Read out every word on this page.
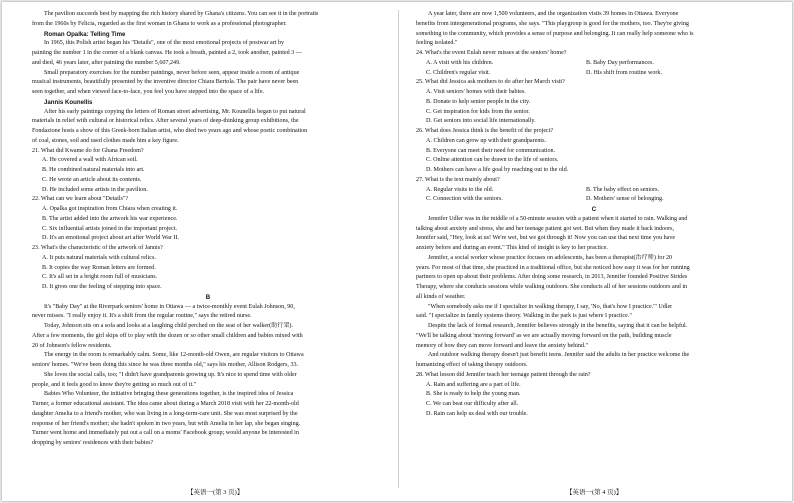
The pavilion succeeds best by mapping the rich history shared by Ghana's citizens. You can see it in the portraits
from the 1960s by Felicia, regarded as the first woman in Ghana to work as a professional photographer.
Roman Opalka: Telling Time
In 1965, this Polish artist began his "Details", one of the most emotional projects of postwar art by
painting the number 1 in the corner of a blank canvas. He took a breath, painted a 2, took another, painted 3 —
and died, 46 years later, after painting the number 5,607,249.
Small preparatory exercises for the number paintings, never before seen, appear inside a room of antique
musical instruments, beautifully presented by the inventive director Chiara Bertola. The pair have never been
seen together, and when viewed face-to-face, you feel you have stepped into the space of a life.
Jannis Kounellis
After his early paintings copying the letters of Roman street advertising, Mr. Kounellis began to put natural
materials in relief with cultural or historical relics. After several years of deep-thinking group exhibitions, the
Fondazione hosts a show of this Greek-born Italian artist, who died two years ago and whose poetic combination
of coal, stones, soil and used clothes made him a key figure.
21. What did Kwame do for Ghana Freedom?
A. He covered a wall with African soil.
B. He combined natural materials into art.
C. He wrote an article about its contents.
D. He included some artists in the pavilion.
22. What can we learn about "Details"?
A. Opalka got inspiration from Chiara when creating it.
B. The artist added into the artwork his war experience.
C. Six influential artists joined in the important project.
D. It's an emotional project about art after World War II.
23. What's the characteristic of the artwork of Jannis?
A. It puts natural materials with cultural relics.
B. It copies the way Roman letters are formed.
C. It's all set in a bright room full of musicians.
D. It gives one the feeling of stepping into space.
B
It's "Baby Day" at the Riverpark seniors' home in Ottawa — a twice-monthly event Eulah Johnson, 90,
never misses. "I really enjoy it. It's a shift from the regular routine," says the retired nurse.
Today, Johnson sits on a sofa and looks at a laughing child perched on the seat of her walker(助行架).
After a few moments, the girl skips off to play with the dozen or so other small children and babies mixed with
20 of Johnson's fellow residents.
The energy in the room is remarkably calm. Some, like 12-month-old Owen, are regular visitors to Ottawa
seniors' homes. "We've been doing this since he was three months old," says his mother, Allison Rodgers, 33.
She loves the social calls, too; "I didn't have grandparents growing up. It's nice to spend time with older
people, and it feels good to know they're getting so much out of it."
Babies Who Volunteer, the initiative bringing these generations together, is the inspired idea of Jessica
Turner, a former educational assistant. The idea came about during a March 2018 visit with her 22-month-old
daughter Amelia to a friend's mother, who was living in a long-term-care unit. She was most surprised by the
response of her friend's mother; she hadn't spoken in two years, but with Amelia in her lap, she began singing.
Turner went home and immediately put out a call on a moms' Facebook group; would anyone be interested in
dropping by seniors' residences with their babies?
A year later, there are now 1,500 volunteers, and the organization visits 39 homes in Ottawa. Everyone
benefits from intergenerational programs, she says. "This playgroup is good for the mothers, too. They're giving
something to the community, which provides a sense of purpose and belonging. It can really help someone who is
feeling isolated."
24. What's the event Eulah never misses at the seniors' home?
A. A visit with his children.	B. Baby Day performances.
C. Children's regular visit.	D. His shift from routine work.
25. What did Jessica ask mothers to do after her March visit?
A. Visit seniors' homes with their babies.
B. Donate to help senior people in the city.
C. Get inspiration for kids from the senior.
D. Get seniors into social life internationally.
26. What does Jessica think is the benefit of the project?
A. Children can grow up with their grandparents.
B. Everyone can meet their need for communication.
C. Online attention can be drawn to the life of seniors.
D. Mothers can have a life goal by reaching out to the old.
27. What is the text mainly about?
A. Regular visits to the old.	B. The baby effect on seniors.
C. Connection with the seniors.	D. Mothers' sense of belonging.
C
Jennifer Udler was in the middle of a 50-minute session with a patient when it started to rain. Walking and
talking about anxiety and stress, she and her teenage patient got wet. But when they made it back indoors,
Jennifer said, "Hey, look at us! We're wet, but we got through it! Now you can use that next time you have
anxiety before and during an event." This kind of insight is key to her practice.
Jennifer, a social worker whose practice focuses on adolescents, has been a therapist(治疗师) for 20
years. For most of that time, she practiced in a traditional office, but she noticed how easy it was for her running
partners to open up about their problems. After doing some research, in 2013, Jennifer founded Positive Strides
Therapy, where she conducts sessions while walking outdoors. She conducts all of her sessions outdoors and in
all kinds of weather.
"When somebody asks me if I specialize in walking therapy, I say, 'No, that's how I practice.'" Udler
said. "I specialize in family systems theory. Walking in the park is just where I practice."
Despite the lack of formal research, Jennifer believes strongly in the benefits, saying that it can be helpful.
"We'll be talking about 'moving forward' as we are actually moving forward on the path, building muscle
memory of how they can move forward and leave the anxiety behind."
And outdoor walking therapy doesn't just benefit teens. Jennifer said the adults in her practice welcome the
humanizing effect of taking therapy outdoors.
28. What lesson did Jennifer teach her teenage patient through the rain?
A. Rain and suffering are a part of life.
B. She is ready to help the young man.
C. We can beat our difficulty after all.
D. Rain can help us deal with our trouble.
【英语一(第 3 页)】	【英语一(第 4 页)】
